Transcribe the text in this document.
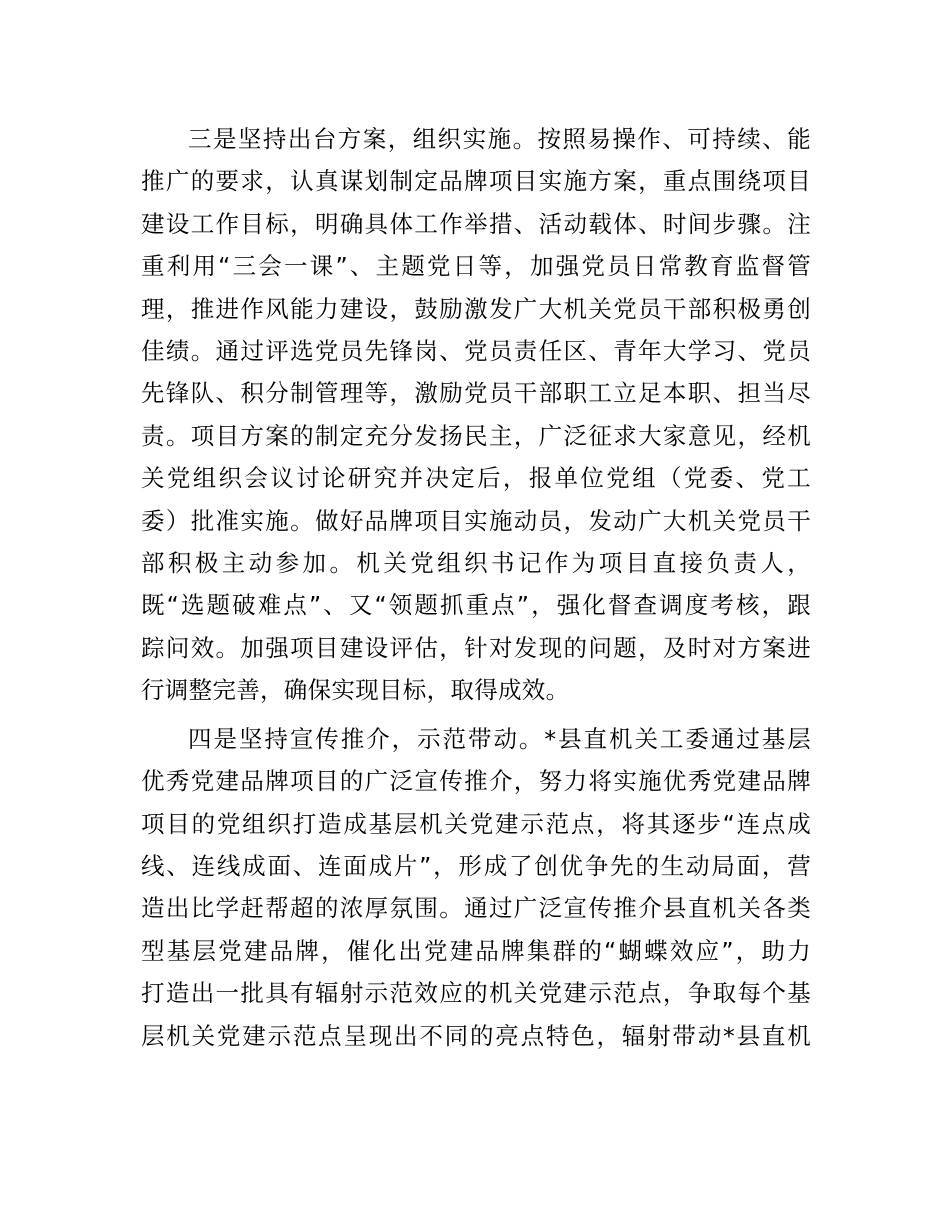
三是坚持出台方案，组织实施。按照易操作、可持续、能
推广的要求，认真谋划制定品牌项目实施方案，重点围绕项目
建设工作目标，明确具体工作举措、活动载体、时间步骤。注
重利用“三会一课”、主题党日等，加强党员日常教育监督管
理，推进作风能力建设，鼓励激发广大机关党员干部积极勇创
佳绩。通过评选党员先锋岗、党员责任区、青年大学习、党员
先锋队、积分制管理等，激励党员干部职工立足本职、担当尽
责。项目方案的制定充分发扬民主，广泛征求大家意见，经机
关党组织会议讨论研究并决定后，报单位党组（党委、党工
委）批准实施。做好品牌项目实施动员，发动广大机关党员干
部积极主动参加。机关党组织书记作为项目直接负责人，
既“选题破难点”、又“领题抓重点”，强化督查调度考核，跟
踪问效。加强项目建设评估，针对发现的问题，及时对方案进
行调整完善，确保实现目标，取得成效。
四是坚持宣传推介，示范带动。*县直机关工委通过基层
优秀党建品牌项目的广泛宣传推介，努力将实施优秀党建品牌
项目的党组织打造成基层机关党建示范点，将其逐步“连点成
线、连线成面、连面成片”，形成了创优争先的生动局面，营
造出比学赶帮超的浓厚氛围。通过广泛宣传推介县直机关各类
型基层党建品牌，催化出党建品牌集群的“蝴蝶效应”，助力
打造出一批具有辐射示范效应的机关党建示范点，争取每个基
层机关党建示范点呈现出不同的亮点特色，辐射带动*县直机
